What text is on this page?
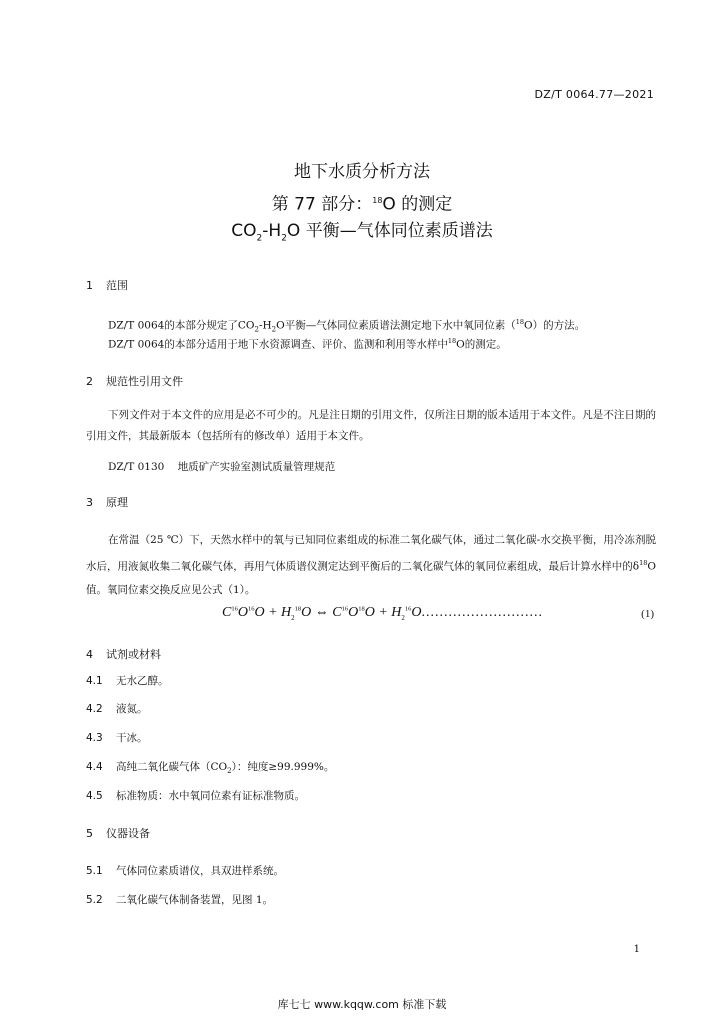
DZ/T 0064.77—2021
地下水质分析方法
第 77 部分：$^{18}$O 的测定
$CO_2-H_2O$ 平衡—气体同位素质谱法
1 范围
DZ/T 0064的本部分规定了$CO_2-H_2O$平衡—气体同位素质谱法测定地下水中氧同位素（$^{18}$O）的方法。
DZ/T 0064的本部分适用于地下水资源调查、评价、监测和利用等水样中$^{18}$O的测定。
2 规范性引用文件
下列文件对于本文件的应用是必不可少的。凡是注日期的引用文件，仅所注日期的版本适用于本文件。凡是不注日期的引用文件，其最新版本（包括所有的修改单）适用于本文件。
DZ/T 0130 地质矿产实验室测试质量管理规范
3 原理
在常温（25 ℃）下，天然水样中的氧与已知同位素组成的标准二氧化碳气体，通过二氧化碳-水交换平衡，用冷冻剂脱水后，用液氮收集二氧化碳气体，再用气体质谱仪测定达到平衡后的二氧化碳气体的氧同位素组成，最后计算水样中的$\delta^{18}O$值。氧同位素交换反应见公式（1）。
$C^{16}O^{16}O + H_2^{18}O$ ⇔ $C^{16}O^{18}O + H_2^{16}O$...........................	(1)
4 试剂或材料
4.1 无水乙醇。
4.2 液氮。
4.3 干冰。
4.4 高纯二氧化碳气体$(CO_2)$：纯度≥99.999%。
4.5 标准物质：水中氧同位素有证标准物质。
5 仪器设备
5.1 气体同位素质谱仪，具双进样系统。
5.2 二氧化碳气体制备装置，见图 1。
1
库七七 www.kqqw.com 标准下载
